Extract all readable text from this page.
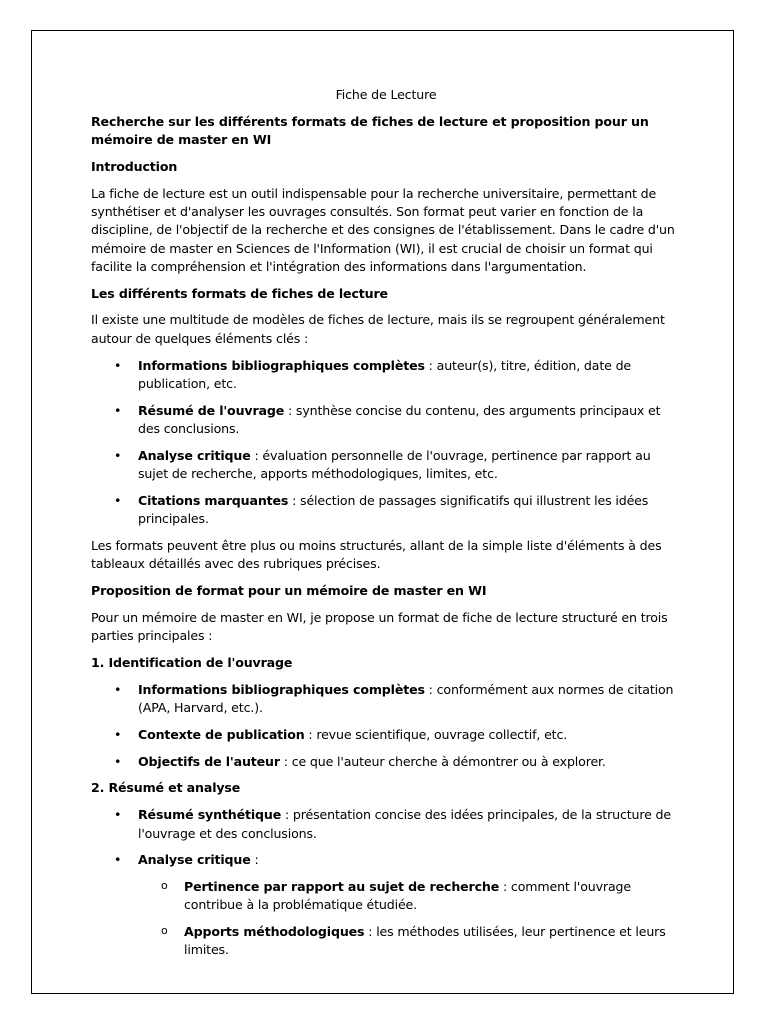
Fiche de Lecture
Recherche sur les différents formats de fiches de lecture et proposition pour un mémoire de master en WI
Introduction

La fiche de lecture est un outil indispensable pour la recherche universitaire, permettant de synthétiser et d'analyser les ouvrages consultés. Son format peut varier en fonction de la discipline, de l'objectif de la recherche et des consignes de l'établissement. Dans le cadre d'un mémoire de master en Sciences de l'Information (WI), il est crucial de choisir un format qui facilite la compréhension et l'intégration des informations dans l'argumentation.

Les différents formats de fiches de lecture

Il existe une multitude de modèles de fiches de lecture, mais ils se regroupent généralement autour de quelques éléments clés :

• Informations bibliographiques complètes : auteur(s), titre, édition, date de publication, etc.
• Résumé de l'ouvrage : synthèse concise du contenu, des arguments principaux et des conclusions.
• Analyse critique : évaluation personnelle de l'ouvrage, pertinence par rapport au sujet de recherche, apports méthodologiques, limites, etc.
• Citations marquantes : sélection de passages significatifs qui illustrent les idées principales.

Les formats peuvent être plus ou moins structurés, allant de la simple liste d'éléments à des tableaux détaillés avec des rubriques précises.

Proposition de format pour un mémoire de master en WI

Pour un mémoire de master en WI, je propose un format de fiche de lecture structuré en trois parties principales :

1. Identification de l'ouvrage
• Informations bibliographiques complètes : conformément aux normes de citation (APA, Harvard, etc.).
• Contexte de publication : revue scientifique, ouvrage collectif, etc.
• Objectifs de l'auteur : ce que l'auteur cherche à démontrer ou à explorer.
2. Résumé et analyse
• Résumé synthétique : présentation concise des idées principales, de la structure de l'ouvrage et des conclusions.
• Analyse critique :
o Pertinence par rapport au sujet de recherche : comment l'ouvrage contribue à la problématique étudiée.
o Apports méthodologiques : les méthodes utilisées, leur pertinence et leurs limites.
